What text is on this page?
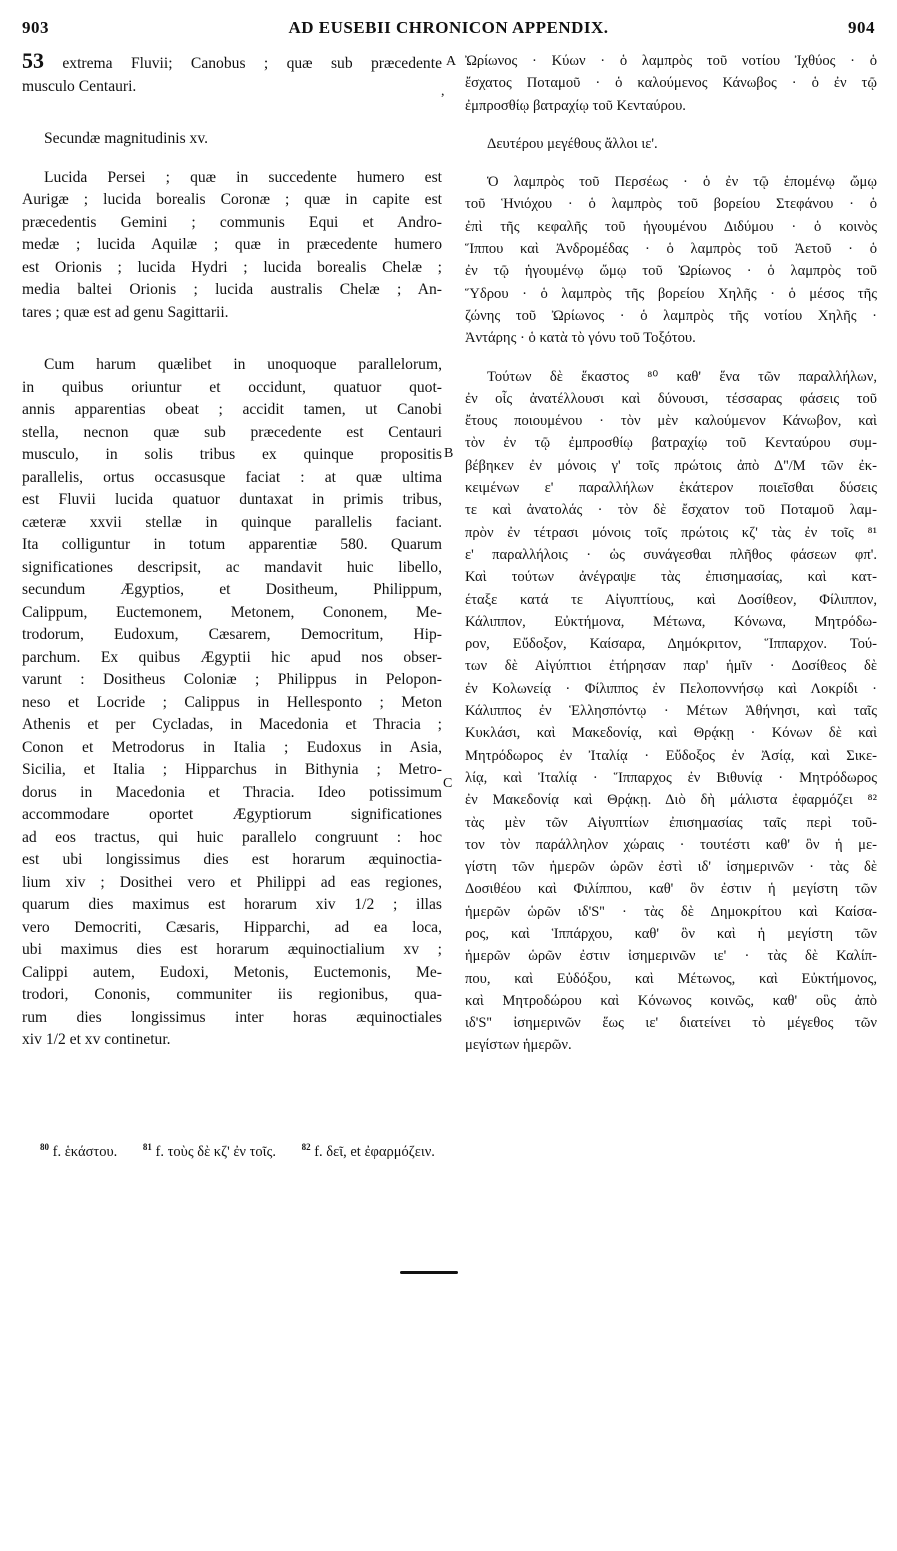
903	AD EUSEBII CHRONICON APPENDIX.	904
A
,
B
C

53 extrema Fluvii; Canobus ; quæ sub præcedente
musculo Centauri.

Secundæ magnitudinis xv.

Lucida Persei ; quæ in succedente humero est
Aurigæ ; lucida borealis Coronæ ; quæ in capite est
præcedentis Gemini ; communis Equi et Andro-
medæ ; lucida Aquilæ ; quæ in præcedente humero
est Orionis ; lucida Hydri ; lucida borealis Chelæ ;
media baltei Orionis ; lucida australis Chelæ ; An-
tares ; quæ est ad genu Sagittarii.

Cum harum quælibet in unoquoque parallelorum,
in quibus oriuntur et occidunt, quatuor quot-
annis apparentias obeat ; accidit tamen, ut Canobi
stella, necnon quæ sub præcedente est Centauri
musculo, in solis tribus ex quinque propositis
parallelis, ortus occasusque faciat : at quæ ultima
est Fluvii lucida quatuor duntaxat in primis tribus,
cæteræ xxvii stellæ in quinque parallelis faciant.
Ita colliguntur in totum apparentiæ 580. Quarum
significationes descripsit, ac mandavit huic libello,
secundum Ægyptios, et Dositheum, Philippum,
Calippum, Euctemonem, Metonem, Cononem, Me-
trodorum, Eudoxum, Cæsarem, Democritum, Hip-
parchum. Ex quibus Ægyptii hic apud nos obser-
varunt : Dositheus Coloniæ ; Philippus in Pelopon-
neso et Locride ; Calippus in Hellesponto ; Meton
Athenis et per Cycladas, in Macedonia et Thracia ;
Conon et Metrodorus in Italia ; Eudoxus in Asia,
Sicilia, et Italia ; Hipparchus in Bithynia ; Metro-
dorus in Macedonia et Thracia. Ideo potissimum
accommodare oportet Ægyptiorum significationes
ad eos tractus, qui huic parallelo congruunt : hoc
est ubi longissimus dies est horarum æquinoctia-
lium xiv ; Dosithei vero et Philippi ad eas regiones,
quarum dies maximus est horarum xiv 1/2 ; illas
vero Democriti, Cæsaris, Hipparchi, ad ea loca,
ubi maximus dies est horarum æquinoctialium xv ;
Calippi autem, Eudoxi, Metonis, Euctemonis, Me-
trodori, Cononis, communiter iis regionibus, qua-
rum dies longissimus inter horas æquinoctiales
xiv 1/2 et xv continetur.

Ὠρίωνος · Κύων · ὁ λαμπρὸς τοῦ νοτίου Ἰχθύος · ὁ
ἔσχατος Ποταμοῦ · ὁ καλούμενος Κάνωβος · ὁ ἐν τῷ
ἐμπροσθίῳ βατραχίῳ τοῦ Κενταύρου.

Δευτέρου μεγέθους ἄλλοι ιε'.

Ὁ λαμπρὸς τοῦ Περσέως · ὁ ἐν τῷ ἑπομένῳ ὤμῳ
τοῦ Ἡνιόχου · ὁ λαμπρὸς τοῦ βορείου Στεφάνου · ὁ
ἐπὶ τῆς κεφαλῆς τοῦ ἡγουμένου Διδύμου · ὁ κοινὸς
Ἵππου καὶ Ἀνδρομέδας · ὁ λαμπρὸς τοῦ Ἀετοῦ · ὁ
ἐν τῷ ἡγουμένῳ ὤμῳ τοῦ Ὠρίωνος · ὁ λαμπρὸς τοῦ
Ὕδρου · ὁ λαμπρὸς τῆς βορείου Χηλῆς · ὁ μέσος τῆς
ζώνης τοῦ Ὠρίωνος · ὁ λαμπρὸς τῆς νοτίου Χηλῆς ·
Ἀντάρης · ὁ κατὰ τὸ γόνυ τοῦ Τοξότου.

Τούτων δὲ ἕκαστος ⁸⁰ καθ' ἕνα τῶν παραλλήλων,
ἐν οἷς ἀνατέλλουσι καὶ δύνουσι, τέσσαρας φάσεις τοῦ
ἔτους ποιουμένου · τὸν μὲν καλούμενον Κάνωβον, καὶ
τὸν ἐν τῷ ἐμπροσθίῳ βατραχίῳ τοῦ Κενταύρου συμ-
βέβηκεν ἐν μόνοις γ' τοῖς πρώτοις ἀπὸ Δ''/Μ τῶν ἐκ-
κειμένων ε' παραλλήλων ἑκάτερον ποιεῖσθαι δύσεις
τε καὶ ἀνατολάς · τὸν δὲ ἔσχατον τοῦ Ποταμοῦ λαμ-
πρὸν ἐν τέτρασι μόνοις τοῖς πρώτοις κζ' τὰς ἐν τοῖς ⁸¹
ε' παραλλήλοις · ὡς συνάγεσθαι πλῆθος φάσεων φπ'.
Καὶ τούτων ἀνέγραψε τὰς ἐπισημασίας, καὶ κατ-
έταξε κατά τε Αἰγυπτίους, καὶ Δοσίθεον, Φίλιππον,
Κάλιππον, Εὐκτήμονα, Μέτωνα, Κόνωνα, Μητρόδω-
ρον, Εὔδοξον, Καίσαρα, Δημόκριτον, Ἵππαρχον. Τού-
των δὲ Αἰγύπτιοι ἐτήρησαν παρ' ἡμῖν · Δοσίθεος δὲ
ἐν Κολωνείᾳ · Φίλιππος ἐν Πελοποννήσῳ καὶ Λοκρίδι ·
Κάλιππος ἐν Ἑλλησπόντῳ · Μέτων Ἀθήνησι, καὶ ταῖς
Κυκλάσι, καὶ Μακεδονίᾳ, καὶ Θρᾴκῃ · Κόνων δὲ καὶ
Μητρόδωρος ἐν Ἰταλίᾳ · Εὔδοξος ἐν Ἀσίᾳ, καὶ Σικε-
λίᾳ, καὶ Ἰταλίᾳ · Ἵππαρχος ἐν Βιθυνίᾳ · Μητρόδωρος
ἐν Μακεδονίᾳ καὶ Θρᾴκῃ. Διὸ δὴ μάλιστα ἐφαρμόζει ⁸²
τὰς μὲν τῶν Αἰγυπτίων ἐπισημασίας ταῖς περὶ τοῦ-
τον τὸν παράλληλον χώραις · τουτέστι καθ' ὃν ἡ με-
γίστη τῶν ἡμερῶν ὡρῶν ἐστὶ ιδ' ἰσημερινῶν · τὰς δὲ
Δοσιθέου καὶ Φιλίππου, καθ' ὃν ἐστιν ἡ μεγίστη τῶν
ἡμερῶν ὡρῶν ιδ'S'' · τὰς δὲ Δημοκρίτου καὶ Καίσα-
ρος, καὶ Ἱππάρχου, καθ' ὃν καὶ ἡ μεγίστη τῶν
ἡμερῶν ὡρῶν ἐστιν ἰσημερινῶν ιε' · τὰς δὲ Καλίπ-
που, καὶ Εὐδόξου, καὶ Μέτωνος, καὶ Εὐκτήμονος,
καὶ Μητροδώρου καὶ Κόνωνος κοινῶς, καθ' οὓς ἀπὸ
ιδ'S'' ἰσημερινῶν ἕως ιε' διατείνει τὸ μέγεθος τῶν
μεγίστων ἡμερῶν.

$^{80}$ f. ἑκάστου.	$^{81}$ f. τοὺς δὲ κζ' ἐν τοῖς.	$^{82}$ f. δεῖ, et ἐφαρμόζειν.
